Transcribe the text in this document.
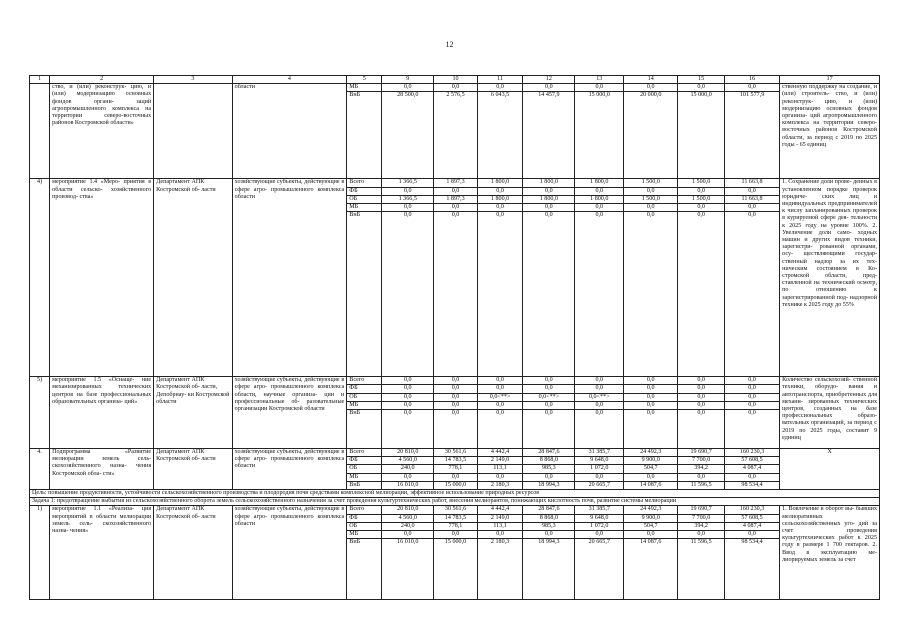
12
1	2	3	4	5	9	10	11	12	13	14	15	16	17
	ство, и (или) реконструк- цию, и (или) модернизацию основных фондов органи- заций агропромышленного комплекса на территории северо-восточных районов Костромской области»		области	МБ	0,0	0,0	0,0	0,0	0,0	0,0	0,0	0,0	ственную поддержку на создание, и (или) строитель- ство, и (или) реконструк- цию, и (или) модернизацию основных фондов организа- ций агропромышленного комплекса на территории северо-восточных районов Костромской области, за период с 2019 по 2025 годы - 65 единиц
				ВнБ	28 500,0	2 576,5	6 043,5	14 457,9	15 000,0	20 000,0	15 000,0	101 577,9	
4)	мероприятие 1.4 «Меро- приятия в области сельско- хозяйственного производ- ства»	Департамент АПК Костромской об- ласти	хозяйствующие субъекты, действующие в сфере агро- промышленного комплекса области	Всего	1 366,5	1 897,3	1 800,0	1 800,0	1 800,0	1 500,0	1 500,0	11 663,8	1. Сохранение доли прове- денных в установленном порядке проверок юридиче- ских лиц и индивидуальных предпринимателей к числу запланированных проверок в курируемой сфере дея- тельности к 2025 году на уровне 100%. 2. Увеличение доли само- ходных машин и других видов техники, зарегистри- рованной органами, осу- ществляющими государ- ственный надзор за их тех- ническим состоянием в Ко- стромской области, пред- ставленной на технический осмотр, по отношению к зарегистрированной под- надзорной технике к 2025 году до 55%
				ФБ	0,0	0,0	0,0	0,0	0,0	0,0	0,0	0,0	
				ОБ	1 366,5	1 897,3	1 800,0	1 800,0	1 800,0	1 500,0	1 500,0	11 663,8	
				МБ	0,0	0,0	0,0	0,0	0,0	0,0	0,0	0,0	
				ВнБ	0,0	0,0	0,0	0,0	0,0	0,0	0,0	0,0	
5)	мероприятие 1.5 «Оснаще- ние механизированных технических центров на базе профессиональных образовательных организа- ций»	Департамент АПК Костромской об- ласти, Депобрнау- ки Костромской области	хозяйствующие субъекты, действующие в сфере агро- промышленного комплекса области, научные организа- ции и профессиональные об- разовательные организации Костромской области	Всего	0,0	0,0	0,0	0,0	0,0	0,0	0,0	0,0	Количество сельскохозяй- ственной техники, оборудо- вания и автотранспорта, приобретенных для механи- зированных технических центров, созданных на базе профессиональных образо- вательных организаций, за период с 2019 по 2025 годы, составит 9 единиц
				ФБ	0,0	0,0	0,0	0,0	0,0	0,0	0,0	0,0	
				ОБ	0,0	0,0	0,0<**>	0,0<**>	0,0<**>	0,0	0,0	0,0	
				МБ	0,0	0,0	0,0	0,0	0,0	0,0	0,0	0,0	
				ВнБ	0,0	0,0	0,0	0,0	0,0	0,0	0,0	0,0	
4.	Подпрограмма «Развитие мелиорации земель сель- скохозяйственного назна- чения Костромской обла- сти»	Департамент АПК Костромской об- ласти	хозяйствующие субъекты, действующие в сфере агро- промышленного комплекса области	Всего	20 810,0	30 561,6	4 442,4	28 847,6	31 385,7	24 492,3	19 690,7	160 230,3	X
				ФБ	4 560,0	14 783,5	2 149,0	8 868,0	9 648,0	9 900,0	7 700,0	57 608,5	
				ОБ	240,0	778,1	113,1	985,3	1 072,0	504,7	394,2	4 087,4	
				МБ	0,0	0,0	0,0	0,0	0,0	0,0	0,0	0,0	
				ВнБ	16 010,0	15 000,0	2 180,3	18 994,3	20 665,7	14 087,6	11 596,5	98 534,4	
Цель: повышение продуктивности, устойчивости сельскохозяйственного производства и плодородия почв средствами комплексной мелиорации, эффективное использование природных ресурсов													
Задача 1: предотвращение выбытия из сельскохозяйственного оборота земель сельскохозяйственного назначения за счет проведения культуртехнических работ, внесения мелиорантов, понижающих кислотность почв, развитие системы мелиорации													
1)	мероприятие 1.1 «Реализа- ция мероприятий в области мелиорации земель сель- скохозяйственного назна- чения»	Департамент АПК Костромской об- ласти	хозяйствующие субъекты, действующие в сфере агро- промышленного комплекса области	Всего	20 810,0	30 561,6	4 442,4	28 847,6	31 385,7	24 492,3	19 690,7	160 230,3	1. Вовлечение в оборот вы- бывших мелиоративных сельскохозяйственных уго- дий за счет проведения культуртехнических работ к 2025 году в размере 1 700 гектаров. 2. Ввод в эксплуатацию ме- лиорируемых земель за счет
				ФБ	4 560,0	14 783,5	2 149,0	8 868,0	9 648,0	9 900,0	7 700,0	57 608,5	
				ОБ	240,0	778,1	113,1	985,3	1 072,0	504,7	394,2	4 087,4	
				МБ	0,0	0,0	0,0	0,0	0,0	0,0	0,0	0,0	
				ВнБ	16 010,0	15 000,0	2 180,3	18 994,3	20 665,7	14 087,6	11 596,5	98 534,4	
